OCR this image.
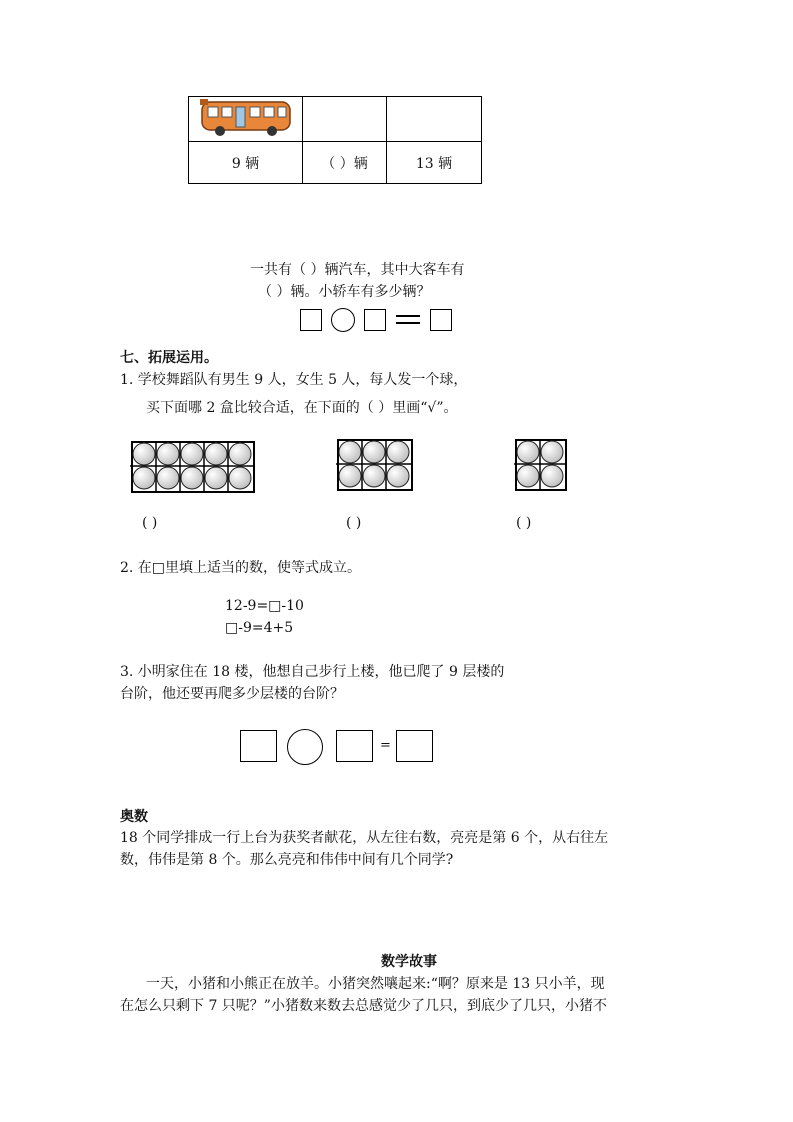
9 辆	（ ）辆	13 辆
一共有（ ）辆汽车，其中大客车有
（ ）辆。小轿车有多少辆？
七、拓展运用。
1. 学校舞蹈队有男生 9 人，女生 5 人，每人发一个球，
买下面哪 2 盒比较合适，在下面的（ ）里画“√”。
( )	( )	( )
2. 在□里填上适当的数，使等式成立。
12-9=□-10
□-9=4+5
3. 小明家住在 18 楼，他想自己步行上楼，他已爬了 9 层楼的
台阶，他还要再爬多少层楼的台阶？
=
奥数
18 个同学排成一行上台为获奖者献花，从左往右数，亮亮是第 6 个，从右往左
数，伟伟是第 8 个。那么亮亮和伟伟中间有几个同学?
数学故事
一天，小猪和小熊正在放羊。小猪突然嚷起来:“啊？原来是 13 只小羊，现
在怎么只剩下 7 只呢？”小猪数来数去总感觉少了几只，到底少了几只，小猪不
